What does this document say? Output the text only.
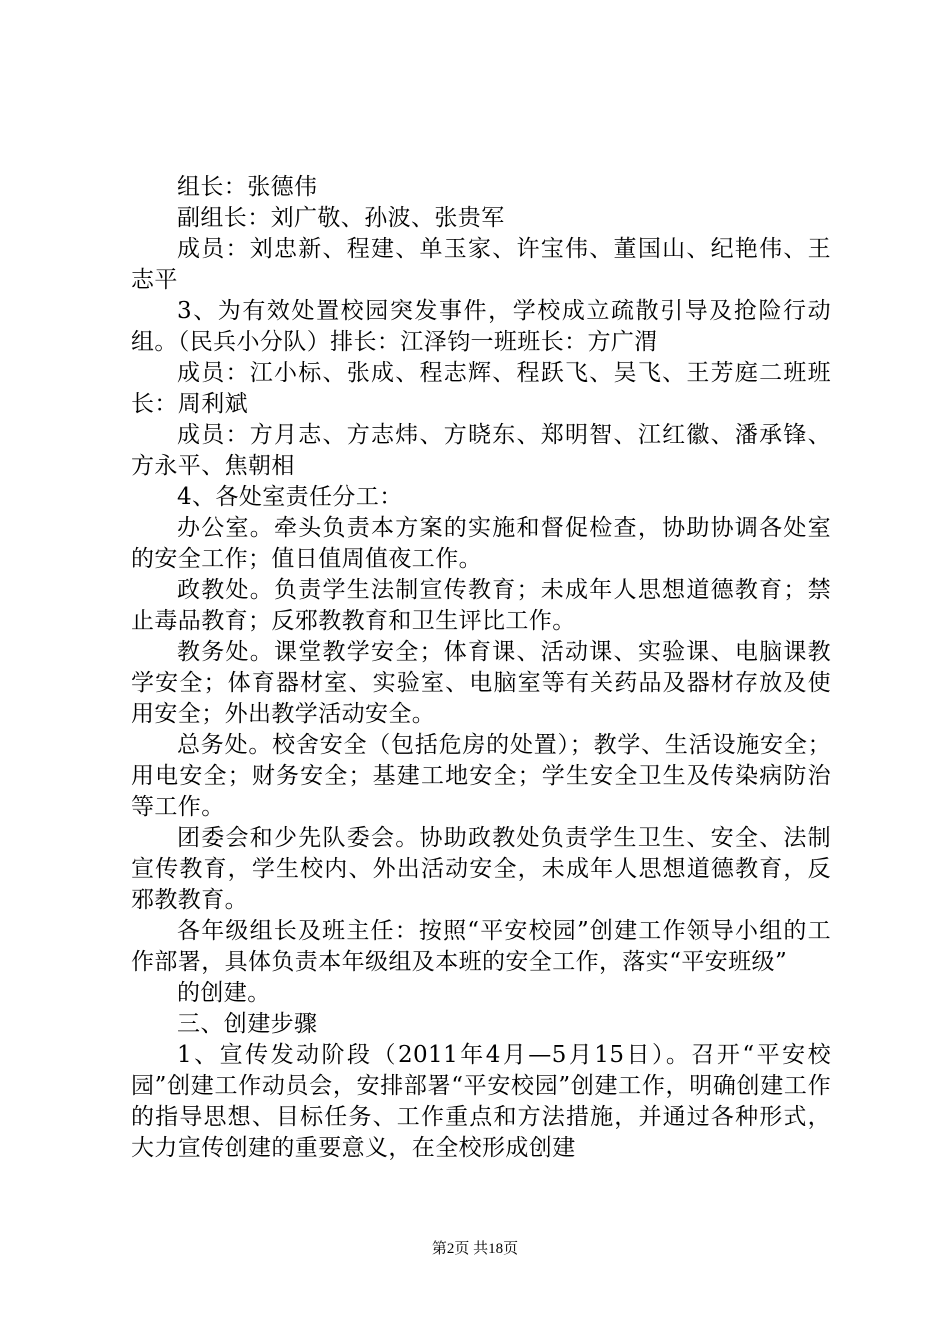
组长：张德伟

副组长：刘广敬、孙波、张贵军

成员：刘忠新、程建、单玉家、许宝伟、董国山、纪艳伟、王志平

3、为有效处置校园突发事件，学校成立疏散引导及抢险行动组。（民兵小分队）排长：江泽钧一班班长：方广渭

成员：江小标、张成、程志辉、程跃飞、吴飞、王芳庭二班班长：周利斌

成员：方月志、方志炜、方晓东、郑明智、江红徽、潘承锋、方永平、焦朝相

4、各处室责任分工：

办公室。牵头负责本方案的实施和督促检查，协助协调各处室的安全工作；值日值周值夜工作。

政教处。负责学生法制宣传教育；未成年人思想道德教育；禁止毒品教育；反邪教教育和卫生评比工作。

教务处。课堂教学安全；体育课、活动课、实验课、电脑课教学安全；体育器材室、实验室、电脑室等有关药品及器材存放及使用安全；外出教学活动安全。

总务处。校舍安全（包括危房的处置）；教学、生活设施安全；用电安全；财务安全；基建工地安全；学生安全卫生及传染病防治等工作。

团委会和少先队委会。协助政教处负责学生卫生、安全、法制宣传教育，学生校内、外出活动安全，未成年人思想道德教育，反邪教教育。

各年级组长及班主任：按照“平安校园”创建工作领导小组的工作部署，具体负责本年级组及本班的安全工作，落实“平安班级”

的创建。

三、创建步骤

1、宣传发动阶段（2011年4月—5月15日）。召开“平安校园”创建工作动员会，安排部署“平安校园”创建工作，明确创建工作的指导思想、目标任务、工作重点和方法措施，并通过各种形式，大力宣传创建的重要意义，在全校形成创建

第2页 共18页
